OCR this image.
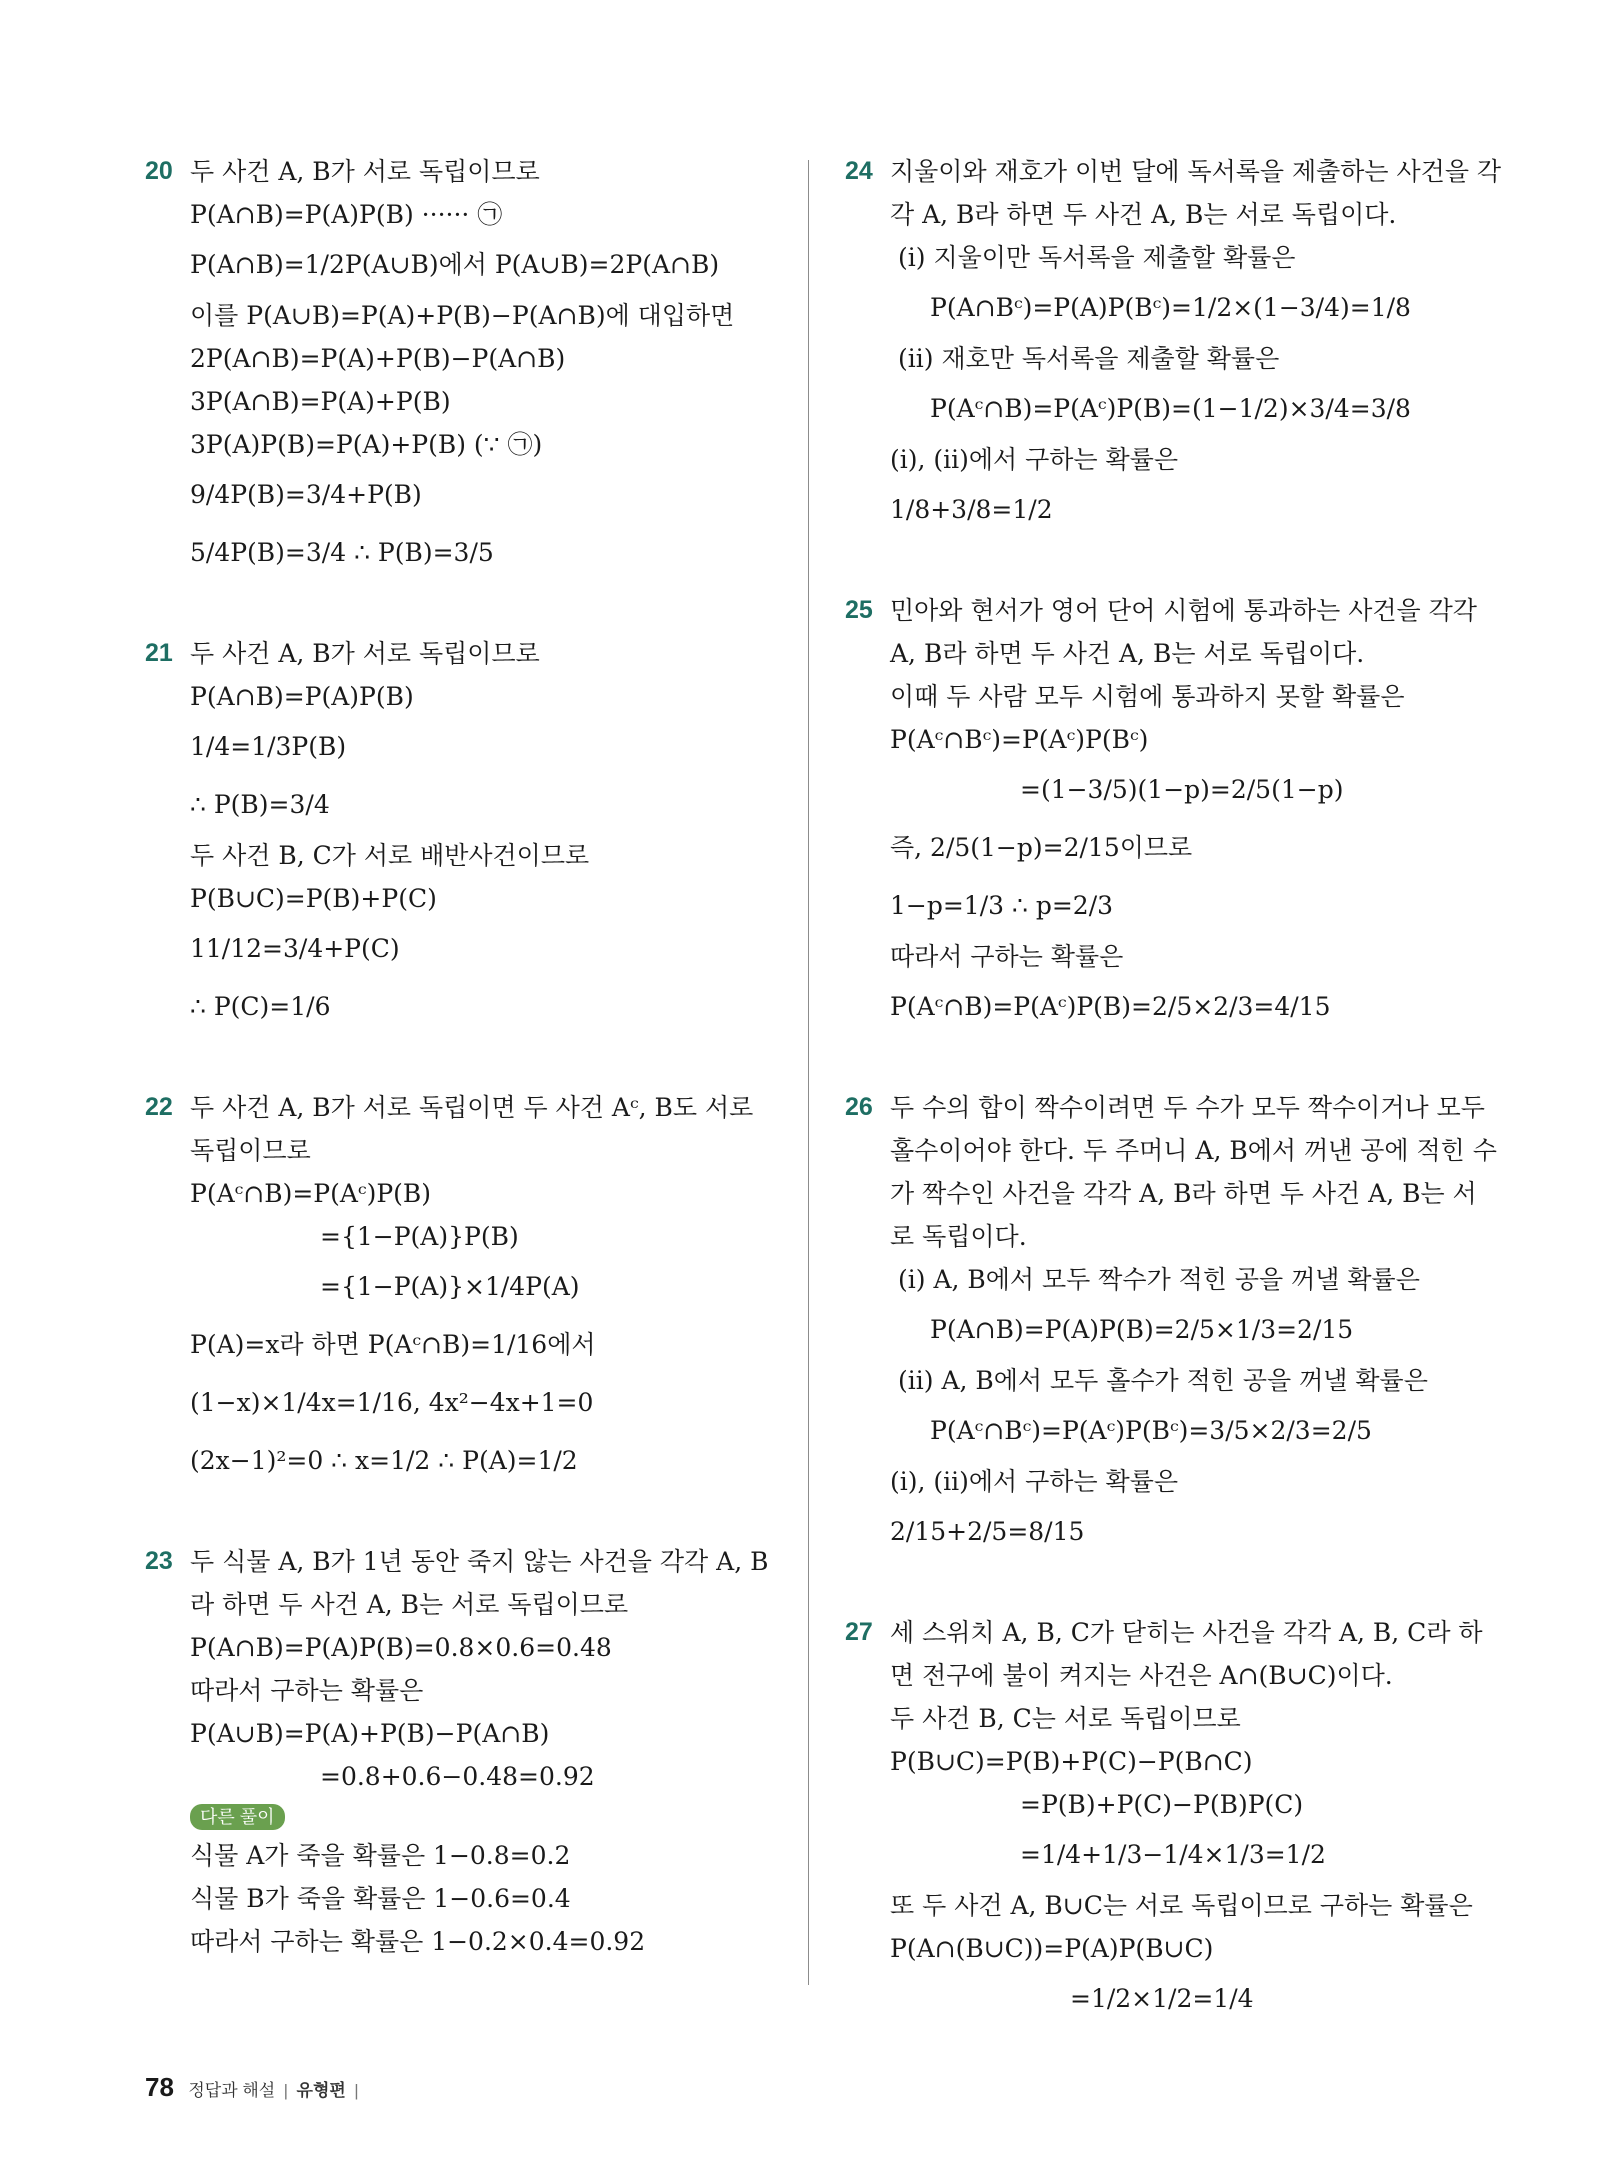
20 두 사건 A, B가 서로 독립이므로
P(A∩B)=P(A)P(B) ······ ㉠
P(A∩B)=1/2P(A∪B)에서 P(A∪B)=2P(A∩B)
이를 P(A∪B)=P(A)+P(B)−P(A∩B)에 대입하면
2P(A∩B)=P(A)+P(B)−P(A∩B)
3P(A∩B)=P(A)+P(B)
3P(A)P(B)=P(A)+P(B) (∵ ㉠)
9/4P(B)=3/4+P(B)
5/4P(B)=3/4 ∴ P(B)=3/5
21 두 사건 A, B가 서로 독립이므로
P(A∩B)=P(A)P(B)
1/4=1/3P(B)
∴ P(B)=3/4
두 사건 B, C가 서로 배반사건이므로
P(B∪C)=P(B)+P(C)
11/12=3/4+P(C)
∴ P(C)=1/6
22 두 사건 A, B가 서로 독립이면 두 사건 Aᶜ, B도 서로
독립이므로
P(Aᶜ∩B)=P(Aᶜ)P(B)
={1−P(A)}P(B)
={1−P(A)}×1/4P(A)
P(A)=x라 하면 P(Aᶜ∩B)=1/16에서
(1−x)×1/4x=1/16, 4x²−4x+1=0
(2x−1)²=0 ∴ x=1/2 ∴ P(A)=1/2
23 두 식물 A, B가 1년 동안 죽지 않는 사건을 각각 A, B
라 하면 두 사건 A, B는 서로 독립이므로
P(A∩B)=P(A)P(B)=0.8×0.6=0.48
따라서 구하는 확률은
P(A∪B)=P(A)+P(B)−P(A∩B)
=0.8+0.6−0.48=0.92
다른 풀이
식물 A가 죽을 확률은 1−0.8=0.2
식물 B가 죽을 확률은 1−0.6=0.4
따라서 구하는 확률은 1−0.2×0.4=0.92
24 지울이와 재호가 이번 달에 독서록을 제출하는 사건을 각
각 A, B라 하면 두 사건 A, B는 서로 독립이다.
(ⅰ) 지울이만 독서록을 제출할 확률은
P(A∩Bᶜ)=P(A)P(Bᶜ)=1/2×(1−3/4)=1/8
(ⅱ) 재호만 독서록을 제출할 확률은
P(Aᶜ∩B)=P(Aᶜ)P(B)=(1−1/2)×3/4=3/8
(ⅰ), (ⅱ)에서 구하는 확률은
1/8+3/8=1/2
25 민아와 현서가 영어 단어 시험에 통과하는 사건을 각각
A, B라 하면 두 사건 A, B는 서로 독립이다.
이때 두 사람 모두 시험에 통과하지 못할 확률은
P(Aᶜ∩Bᶜ)=P(Aᶜ)P(Bᶜ)
=(1−3/5)(1−p)=2/5(1−p)
즉, 2/5(1−p)=2/15이므로
1−p=1/3 ∴ p=2/3
따라서 구하는 확률은
P(Aᶜ∩B)=P(Aᶜ)P(B)=2/5×2/3=4/15
26 두 수의 합이 짝수이려면 두 수가 모두 짝수이거나 모두
홀수이어야 한다. 두 주머니 A, B에서 꺼낸 공에 적힌 수
가 짝수인 사건을 각각 A, B라 하면 두 사건 A, B는 서
로 독립이다.
(ⅰ) A, B에서 모두 짝수가 적힌 공을 꺼낼 확률은
P(A∩B)=P(A)P(B)=2/5×1/3=2/15
(ⅱ) A, B에서 모두 홀수가 적힌 공을 꺼낼 확률은
P(Aᶜ∩Bᶜ)=P(Aᶜ)P(Bᶜ)=3/5×2/3=2/5
(ⅰ), (ⅱ)에서 구하는 확률은
2/15+2/5=8/15
27 세 스위치 A, B, C가 닫히는 사건을 각각 A, B, C라 하
면 전구에 불이 켜지는 사건은 A∩(B∪C)이다.
두 사건 B, C는 서로 독립이므로
P(B∪C)=P(B)+P(C)−P(B∩C)
=P(B)+P(C)−P(B)P(C)
=1/4+1/3−1/4×1/3=1/2
또 두 사건 A, B∪C는 서로 독립이므로 구하는 확률은
P(A∩(B∪C))=P(A)P(B∪C)
=1/2×1/2=1/4
78 정답과 해설 | 유형편 |
